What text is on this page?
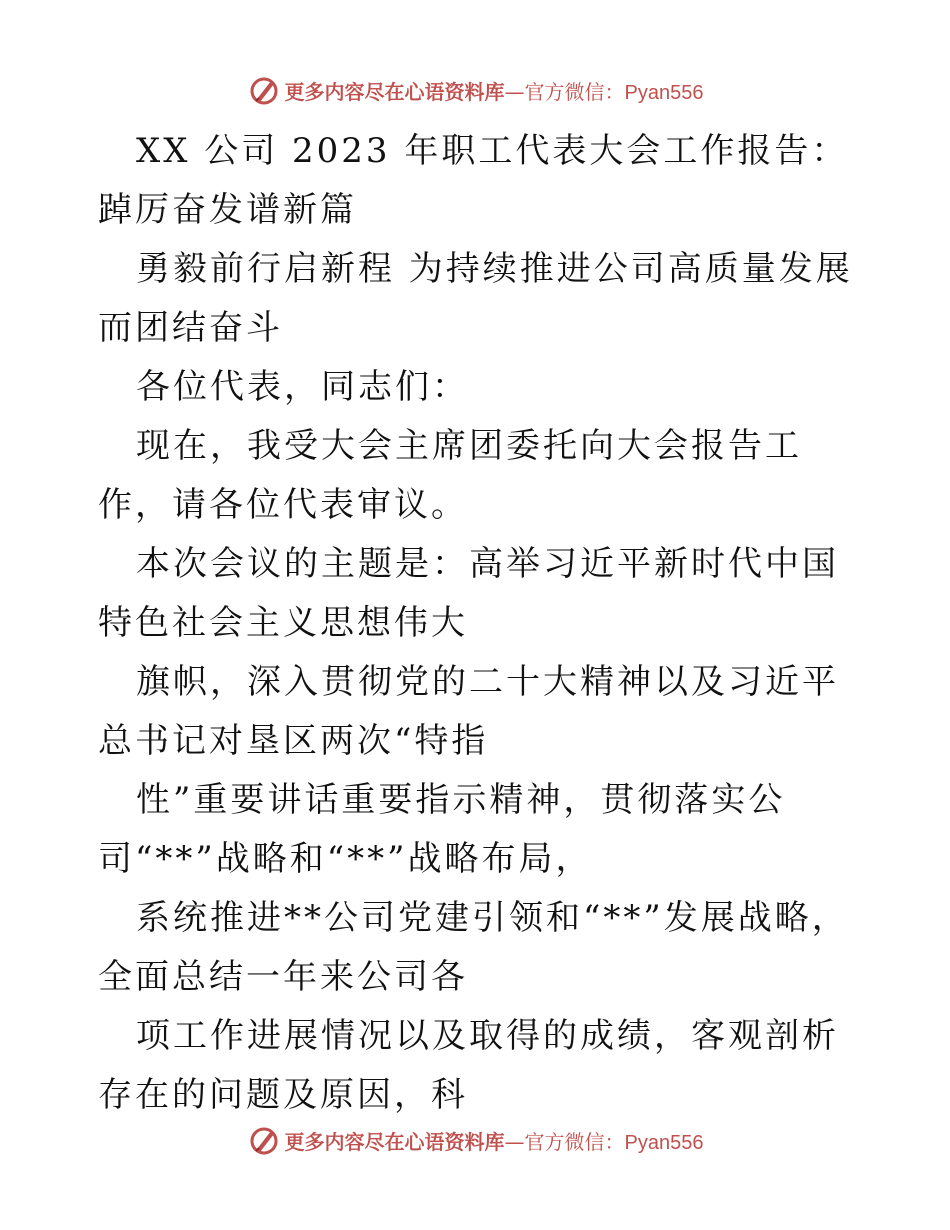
更多内容尽在心语资料库—官方微信：Pyan556

XX 公司 2023 年职工代表大会工作报告：踔厉奋发谱新篇

勇毅前行启新程 为持续推进公司高质量发展而团结奋斗

各位代表，同志们：

现在，我受大会主席团委托向大会报告工作，请各位代表审议。

本次会议的主题是：高举习近平新时代中国特色社会主义思想伟大

旗帜，深入贯彻党的二十大精神以及习近平总书记对垦区两次“特指

性”重要讲话重要指示精神，贯彻落实公司“**”战略和“**”战略布局，

系统推进**公司党建引领和“**”发展战略，全面总结一年来公司各

项工作进展情况以及取得的成绩，客观剖析存在的问题及原因，科

更多内容尽在心语资料库—官方微信：Pyan556
